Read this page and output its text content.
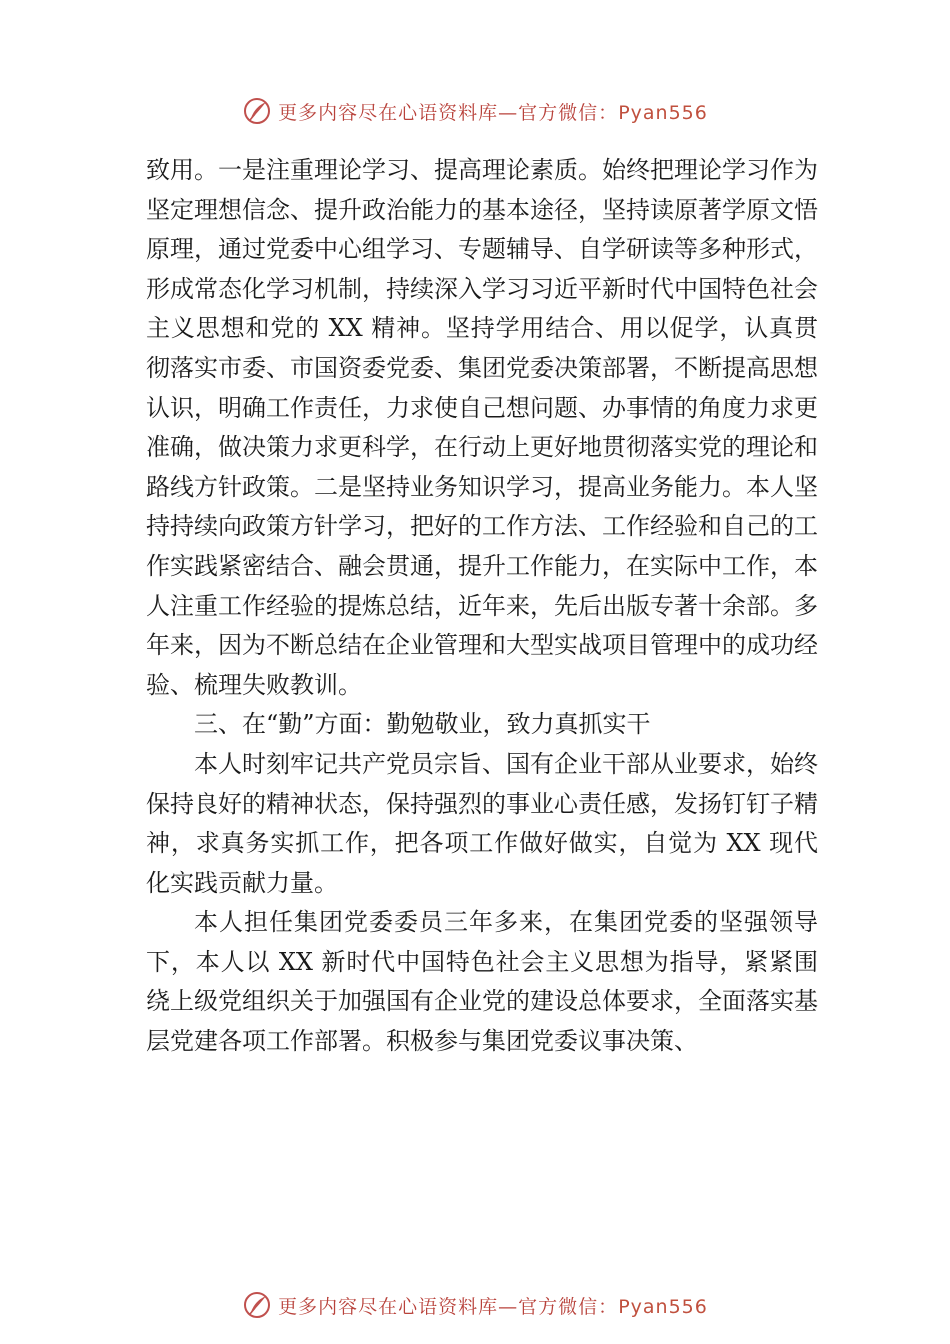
更多内容尽在心语资料库—官方微信：Pyan556

致用。一是注重理论学习、提高理论素质。始终把理论学习作为坚定理想信念、提升政治能力的基本途径，坚持读原著学原文悟原理，通过党委中心组学习、专题辅导、自学研读等多种形式，形成常态化学习机制，持续深入学习习近平新时代中国特色社会主义思想和党的 XX 精神。坚持学用结合、用以促学，认真贯彻落实市委、市国资委党委、集团党委决策部署，不断提高思想认识，明确工作责任，力求使自己想问题、办事情的角度力求更准确，做决策力求更科学，在行动上更好地贯彻落实党的理论和路线方针政策。二是坚持业务知识学习，提高业务能力。本人坚持持续向政策方针学习，把好的工作方法、工作经验和自己的工作实践紧密结合、融会贯通，提升工作能力，在实际中工作，本人注重工作经验的提炼总结，近年来，先后出版专著十余部。多年来，因为不断总结在企业管理和大型实战项目管理中的成功经验、梳理失败教训。

三、在“勤”方面：勤勉敬业，致力真抓实干

本人时刻牢记共产党员宗旨、国有企业干部从业要求，始终保持良好的精神状态，保持强烈的事业心责任感，发扬钉钉子精神，求真务实抓工作，把各项工作做好做实，自觉为 XX 现代化实践贡献力量。

本人担任集团党委委员三年多来，在集团党委的坚强领导下，本人以 XX 新时代中国特色社会主义思想为指导，紧紧围绕上级党组织关于加强国有企业党的建设总体要求，全面落实基层党建各项工作部署。积极参与集团党委议事决策、

更多内容尽在心语资料库—官方微信：Pyan556
